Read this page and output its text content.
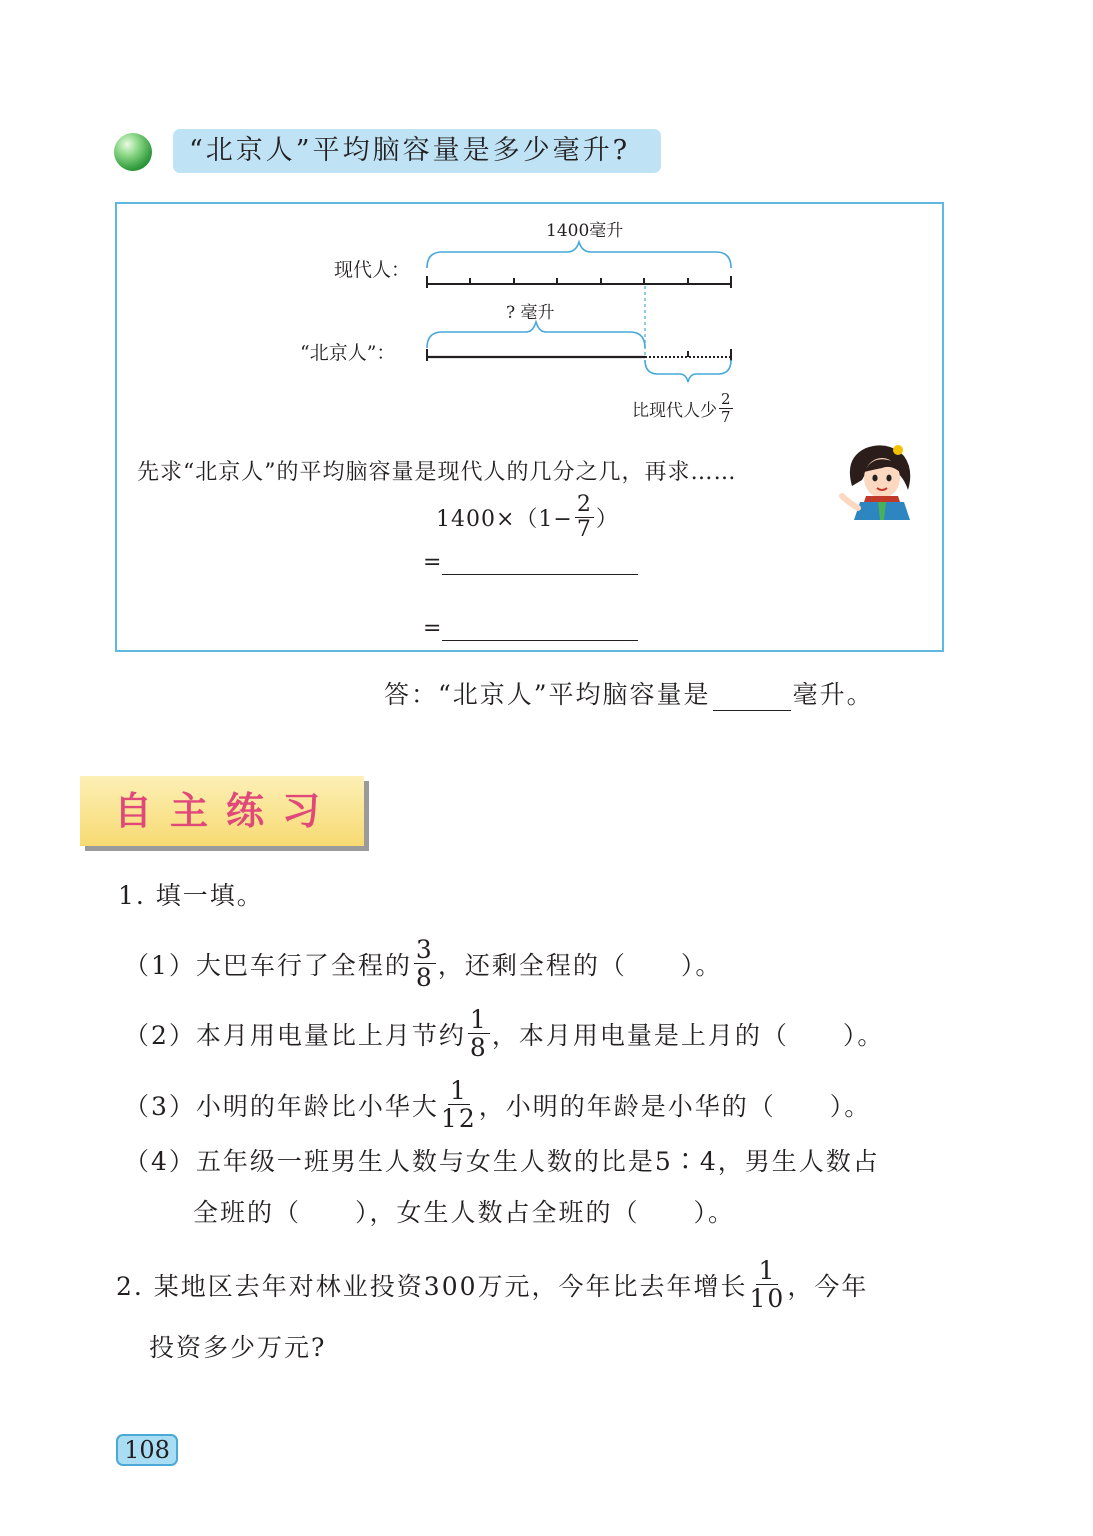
“北京人”平均脑容量是多少毫升?
1400毫升
现代人：
? 毫升
“北京人”：
比现代人少 $\frac{2}{7}$
先求“北京人”的平均脑容量是现代人的几分之几，再求……
$1400\times(1- \frac{2}{7}$ ）
=
=
答：“北京人”平均脑容量是	毫升。
自主练习
1. 填一填。
（1） 大巴车行了全程的 $\frac{3}{8}$ ，还剩全程的（　　）。
（2） 本月用电量比上月节约 $\frac{1}{8}$ ，本月用电量是上月的（　　）。
（3） 小明的年龄比小华大 $\frac{1}{12}$ ，小明的年龄是小华的（　　）。
（4）五年级一班男生人数与女生人数的比是5∶4，男生人数占
全班的（　　），女生人数占全班的（　　）。
2. 某地区去年对林业投资300万元，今年比去年增长 $\frac{1}{10}$ ，今年
投资多少万元?
108
